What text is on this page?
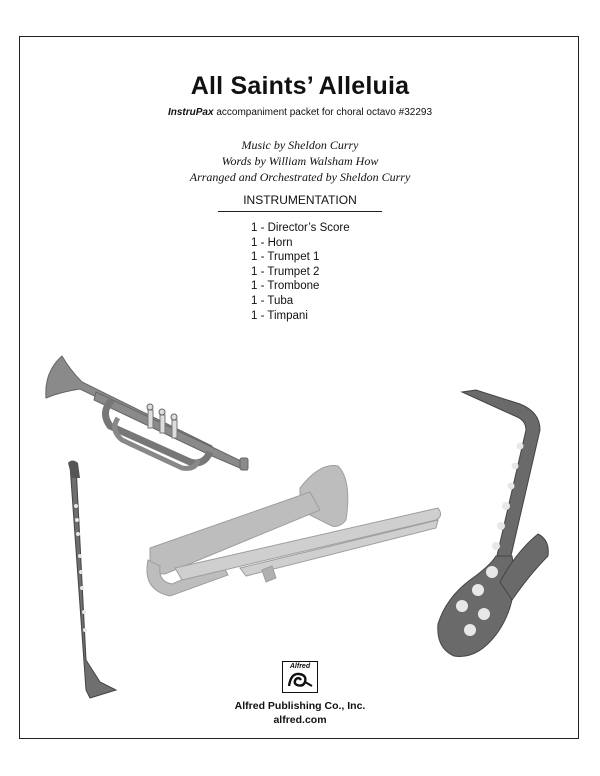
All Saints’ Alleluia
InstruPax accompaniment packet for choral octavo #32293
Music by Sheldon Curry
Words by William Walsham How
Arranged and Orchestrated by Sheldon Curry
INSTRUMENTATION
1 - Director’s Score
1 - Horn
1 - Trumpet 1
1 - Trumpet 2
1 - Trombone
1 - Tuba
1 - Timpani
Alfred
Alfred Publishing Co., Inc.
alfred.com
